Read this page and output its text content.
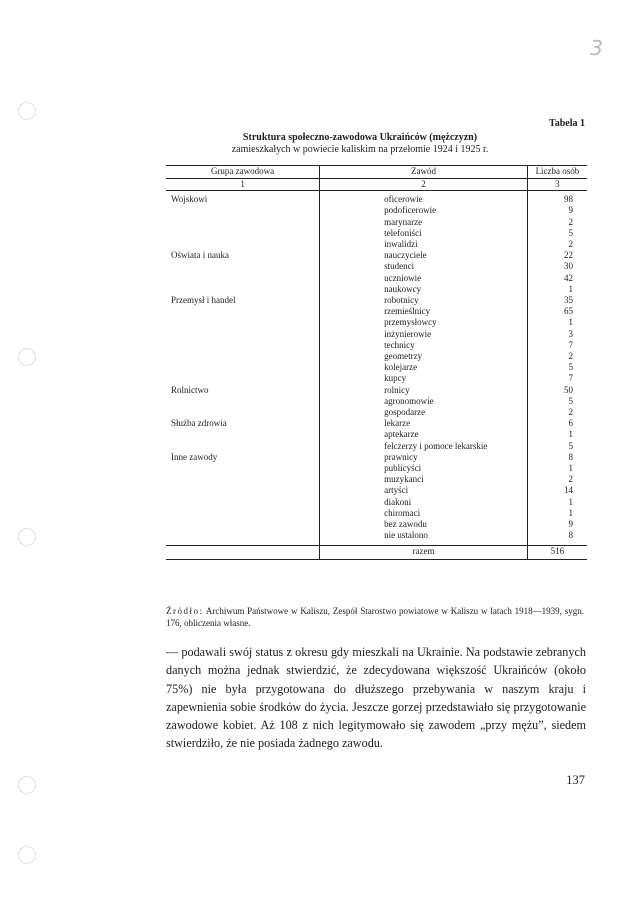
3
Tabela 1
Struktura społeczno-zawodowa Ukraińców (mężczyzn)
zamieszkałych w powiecie kaliskim na przełomie 1924 i 1925 r.
Grupa zawodowa	Zawód	Liczba osób
1	2	3
Wojskowi	oficerowie	98
	podoficerowie	9
	marynarze	2
	telefoniści	5
	inwalidzi	2
Oświata i nauka	nauczyciele	22
	studenci	30
	uczniowie	42
	naukowcy	1
Przemysł i handel	robotnicy	35
	rzemieślnicy	65
	przemysłowcy	1
	inżynierowie	3
	technicy	7
	geometrzy	2
	kolejarze	5
	kupcy	7
Rolnictwo	rolnicy	50
	agronomowie	5
	gospodarze	2
Służba zdrowia	lekarze	6
	aptekarze	1
	felczerzy i pomoce lekarskie	5
Inne zawody	prawnicy	8
	publicyści	1
	muzykanci	2
	artyści	14
	diakoni	1
	chiromaci	1
	bez zawodu	9
	nie ustalono	8
	razem	516
Źródło: Archiwum Państwowe w Kaliszu, Zespół Starostwo powiatowe w Kaliszu w latach 1918—1939, sygn. 176, obliczenia własne.

— podawali swój status z okresu gdy mieszkali na Ukrainie. Na podstawie zebranych danych można jednak stwierdzić, że zdecydowana większość Ukraińców (około 75%) nie była przygotowana do dłuższego przebywania w naszym kraju i zapewnienia sobie środków do życia. Jeszcze gorzej przedstawiało się przygotowanie zawodowe kobiet. Aż 108 z nich legitymowało się zawodem „przy mężu”, siedem stwierdziło, że nie posiada żadnego zawodu.

137
